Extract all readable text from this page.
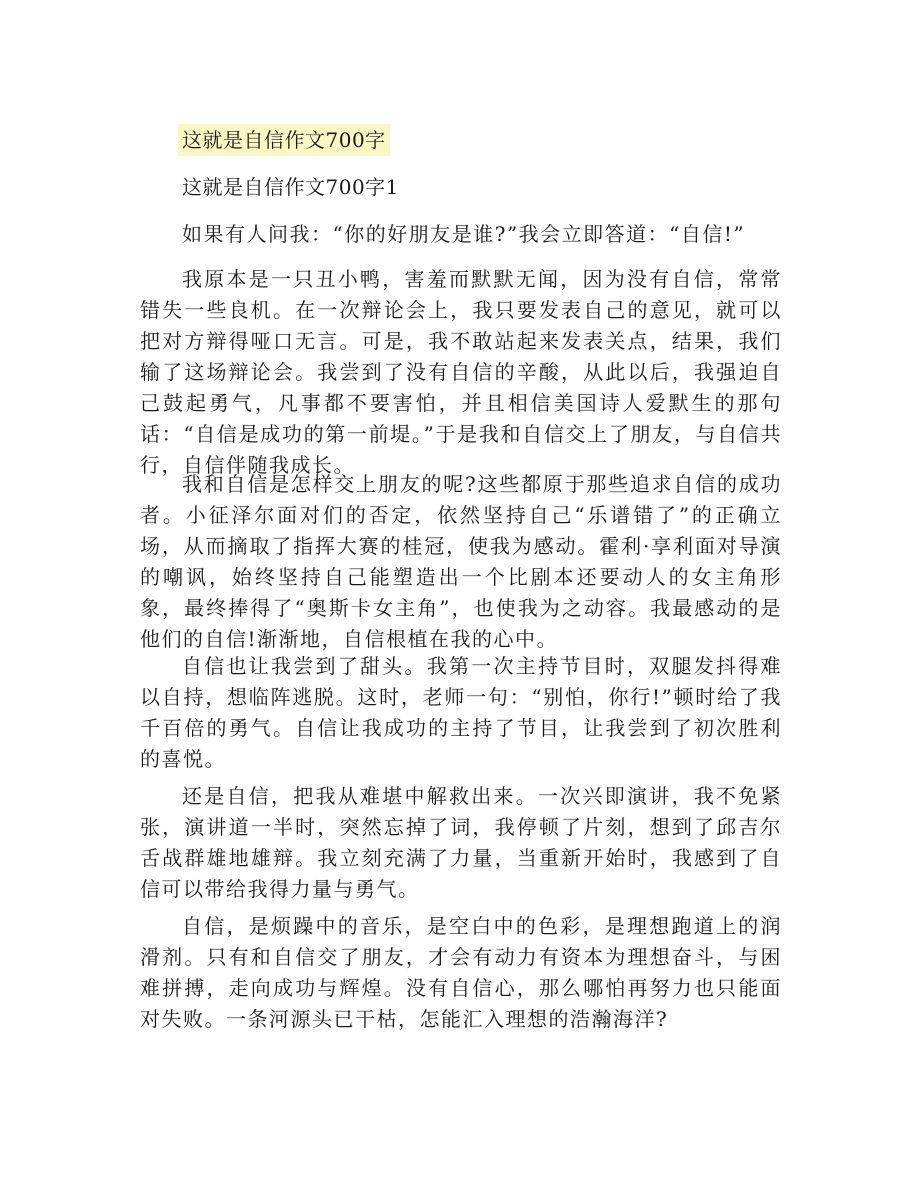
这就是自信作文700字
这就是自信作文700字1

如果有人问我：“你的好朋友是谁?”我会立即答道：“自信!”

我原本是一只丑小鸭，害羞而默默无闻，因为没有自信，常常错失一些良机。在一次辩论会上，我只要发表自己的意见，就可以把对方辩得哑口无言。可是，我不敢站起来发表关点，结果，我们输了这场辩论会。我尝到了没有自信的辛酸，从此以后，我强迫自己鼓起勇气，凡事都不要害怕，并且相信美国诗人爱默生的那句话：“自信是成功的第一前堤。”于是我和自信交上了朋友，与自信共行，自信伴随我成长。

我和自信是怎样交上朋友的呢?这些都原于那些追求自信的成功者。小征泽尔面对们的否定，依然坚持自己“乐谱错了”的正确立场，从而摘取了指挥大赛的桂冠，使我为感动。霍利·享利面对导演的嘲讽，始终坚持自己能塑造出一个比剧本还要动人的女主角形象，最终捧得了“奥斯卡女主角”，也使我为之动容。我最感动的是他们的自信!渐渐地，自信根植在我的心中。

自信也让我尝到了甜头。我第一次主持节目时，双腿发抖得难以自持，想临阵逃脱。这时，老师一句：“别怕，你行!”顿时给了我千百倍的勇气。自信让我成功的主持了节目，让我尝到了初次胜利的喜悦。

还是自信，把我从难堪中解救出来。一次兴即演讲，我不免紧张，演讲道一半时，突然忘掉了词，我停顿了片刻，想到了邱吉尔舌战群雄地雄辩。我立刻充满了力量，当重新开始时，我感到了自信可以带给我得力量与勇气。

自信，是烦躁中的音乐，是空白中的色彩，是理想跑道上的润滑剂。只有和自信交了朋友，才会有动力有资本为理想奋斗，与困难拼搏，走向成功与辉煌。没有自信心，那么哪怕再努力也只能面对失败。一条河源头已干枯，怎能汇入理想的浩瀚海洋?
